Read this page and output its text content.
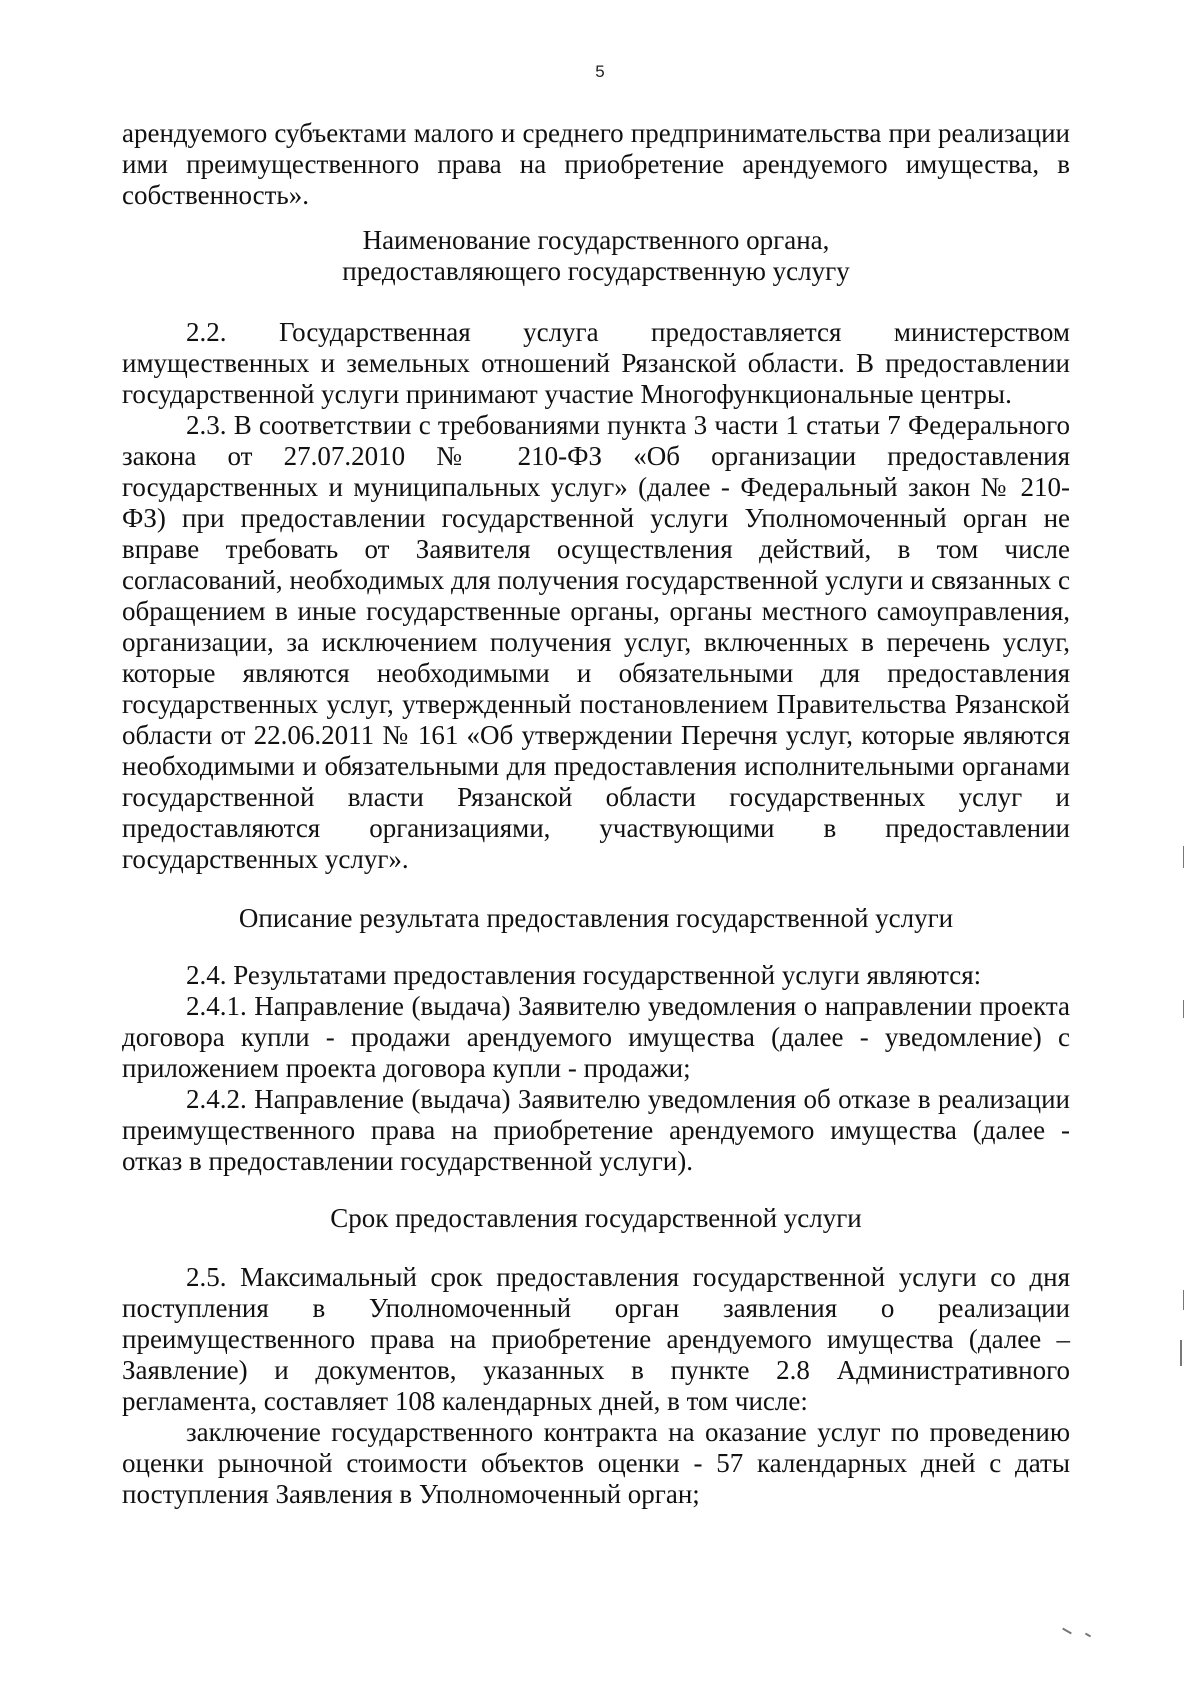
5

арендуемого субъектами малого и среднего предпринимательства при реализации ими преимущественного права на приобретение арендуемого имущества, в собственность».

Наименование государственного органа,

предоставляющего государственную услугу

2.2. Государственная услуга предоставляется министерством имущественных и земельных отношений Рязанской области. В предоставлении государственной услуги принимают участие Многофункциональные центры.

2.3. В соответствии с требованиями пункта 3 части 1 статьи 7 Федерального закона от 27.07.2010 № 210-ФЗ «Об организации предоставления государственных и муниципальных услуг» (далее - Федеральный закон № 210-ФЗ) при предоставлении государственной услуги Уполномоченный орган не вправе требовать от Заявителя осуществления действий, в том числе согласований, необходимых для получения государственной услуги и связанных с обращением в иные государственные органы, органы местного самоуправления, организации, за исключением получения услуг, включенных в перечень услуг, которые являются необходимыми и обязательными для предоставления государственных услуг, утвержденный постановлением Правительства Рязанской области от 22.06.2011 № 161 «Об утверждении Перечня услуг, которые являются необходимыми и обязательными для предоставления исполнительными органами государственной власти Рязанской области государственных услуг и предоставляются организациями, участвующими в предоставлении государственных услуг».

Описание результата предоставления государственной услуги

2.4. Результатами предоставления государственной услуги являются:

2.4.1. Направление (выдача) Заявителю уведомления о направлении проекта договора купли - продажи арендуемого имущества (далее - уведомление) с приложением проекта договора купли - продажи;

2.4.2. Направление (выдача) Заявителю уведомления об отказе в реализации преимущественного права на приобретение арендуемого имущества (далее - отказ в предоставлении государственной услуги).

Срок предоставления государственной услуги

2.5. Максимальный срок предоставления государственной услуги со дня поступления в Уполномоченный орган заявления о реализации преимущественного права на приобретение арендуемого имущества (далее – Заявление) и документов, указанных в пункте 2.8 Административного регламента, составляет 108 календарных дней, в том числе:

заключение государственного контракта на оказание услуг по проведению оценки рыночной стоимости объектов оценки - 57 календарных дней с даты поступления Заявления в Уполномоченный орган;
